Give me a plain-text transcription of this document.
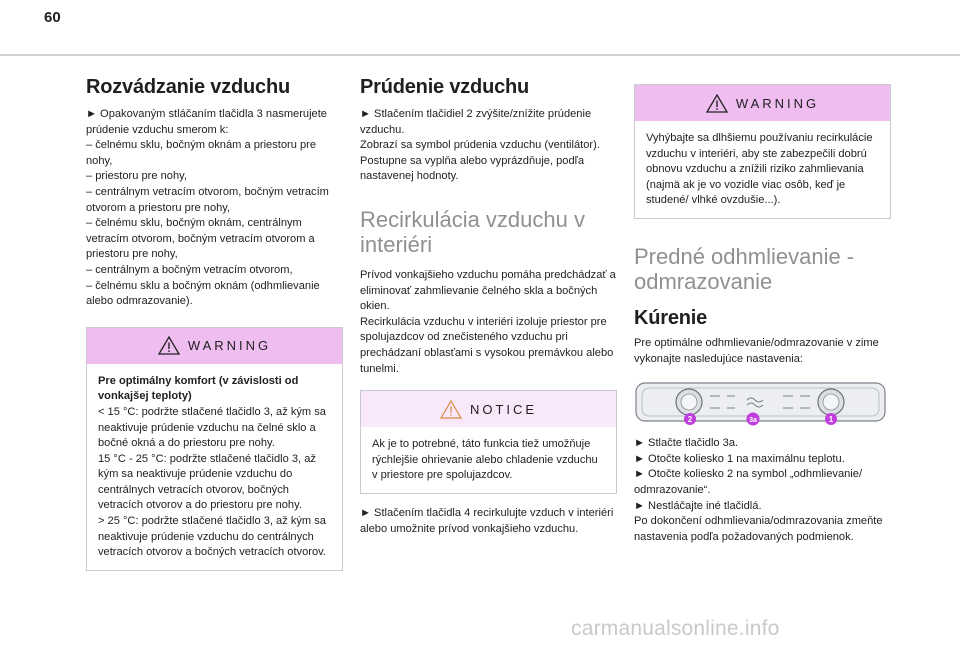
60
Rozvádzanie vzduchu

► Opakovaným stláčaním tlačidla 3 nasmerujete prúdenie vzduchu smerom k:
– čelnému sklu, bočným oknám a priestoru pre nohy,
– priestoru pre nohy,
– centrálnym vetracím otvorom, bočným vetracím otvorom a priestoru pre nohy,
– čelnému sklu, bočným oknám, centrálnym vetracím otvorom, bočným vetracím otvorom a priestoru pre nohy,
– centrálnym a bočným vetracím otvorom,
– čelnému sklu a bočným oknám (odhmlievanie alebo odmrazovanie).

WARNING

Pre optimálny komfort (v závislosti od vonkajšej teploty)

< 15 °C: podržte stlačené tlačidlo 3, až kým sa neaktivuje prúdenie vzduchu na čelné sklo a bočné okná a do priestoru pre nohy.
15 °C - 25 °C: podržte stlačené tlačidlo 3, až kým sa neaktivuje prúdenie vzduchu do centrálnych vetracích otvorov, bočných vetracích otvorov a do priestoru pre nohy.
> 25 °C: podržte stlačené tlačidlo 3, až kým sa neaktivuje prúdenie vzduchu do centrálnych vetracích otvorov a bočných vetracích otvorov.

Prúdenie vzduchu

► Stlačením tlačidiel 2 zvýšite/znížite prúdenie vzduchu.
Zobrazí sa symbol prúdenia vzduchu (ventilátor).
Postupne sa vyplňa alebo vyprázdňuje, podľa nastavenej hodnoty.

Recirkulácia vzduchu v interiéri

Prívod vonkajšieho vzduchu pomáha predchádzať a eliminovať zahmlievanie čelného skla a bočných okien.
Recirkulácia vzduchu v interiéri izoluje priestor pre spolujazdcov od znečisteného vzduchu pri prechádzaní oblasťami s vysokou premávkou alebo tunelmi.

NOTICE

Ak je to potrebné, táto funkcia tiež umožňuje rýchlejšie ohrievanie alebo chladenie vzduchu v priestore pre spolujazdcov.

► Stlačením tlačidla 4 recirkulujte vzduch v interiéri alebo umožnite prívod vonkajšieho vzduchu.

WARNING

Vyhýbajte sa dlhšiemu používaniu recirkulácie vzduchu v interiéri, aby ste zabezpečili dobrú obnovu vzduchu a znížili riziko zahmlievania (najmä ak je vo vozidle viac osôb, keď je studené/ vlhké ovzdušie...).

Predné odhmlievanie - odmrazovanie
Kúrenie

Pre optimálne odhmlievanie/odmrazovanie v zime vykonajte nasledujúce nastavenia:

2	3a	1

► Stlačte tlačidlo 3a.
► Otočte koliesko 1 na maximálnu teplotu.
► Otočte koliesko 2 na symbol „odhmlievanie/ odmrazovanie“.
► Nestláčajte iné tlačidlá.
Po dokončení odhmlievania/odmrazovania zmeňte nastavenia podľa požadovaných podmienok.

carmanualsonline.info
